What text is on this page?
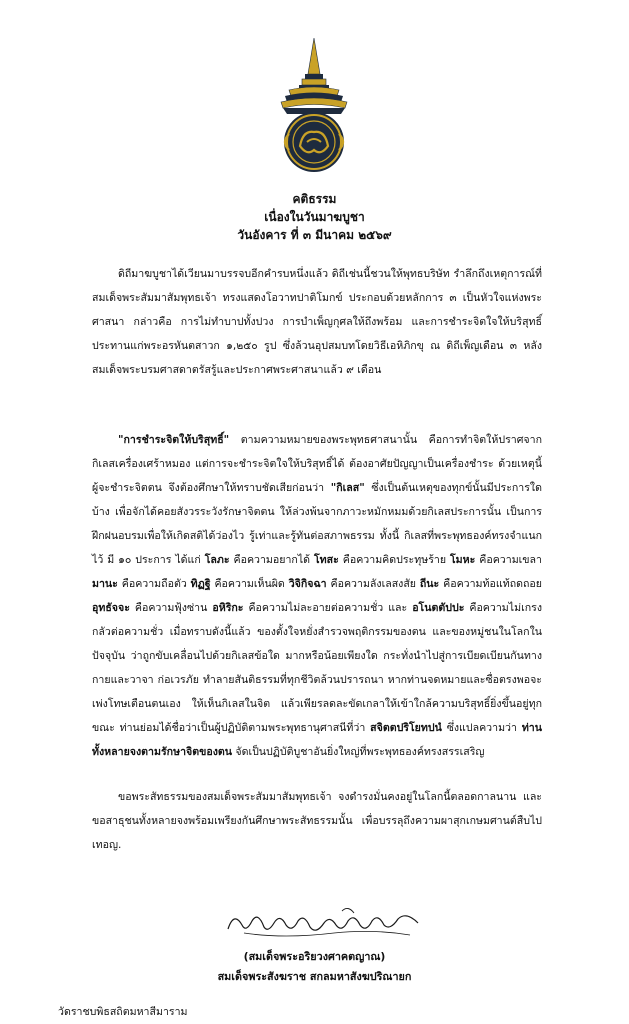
คติธรรม
เนื่องในวันมาฆบูชา
วันอังคาร ที่ ๓ มีนาคม ๒๕๖๙

ดิถีมาฆบูชาได้เวียนมาบรรจบอีกคำรบหนึ่งแล้ว ดิถีเช่นนี้ชวนให้พุทธบริษัท รำลึกถึงเหตุการณ์ที่สมเด็จพระสัมมาสัมพุทธเจ้า ทรงแสดงโอวาทปาติโมกข์ ประกอบด้วยหลักการ ๓ เป็นหัวใจแห่งพระศาสนา กล่าวคือ การไม่ทำบาปทั้งปวง การบำเพ็ญกุศลให้ถึงพร้อม และการชำระจิตใจให้บริสุทธิ์ ประทานแก่พระอรหันตสาวก ๑,๒๕๐ รูป ซึ่งล้วนอุปสมบทโดยวิธีเอหิภิกขุ ณ ดิถีเพ็ญเดือน ๓ หลังสมเด็จพระบรมศาสดาตรัสรู้และประกาศพระศาสนาแล้ว ๙ เดือน

"การชำระจิตให้บริสุทธิ์" ตามความหมายของพระพุทธศาสนานั้น คือการทำจิตให้ปราศจากกิเลสเครื่องเศร้าหมอง แต่การจะชำระจิตใจให้บริสุทธิ์ได้ ต้องอาศัยปัญญาเป็นเครื่องชำระ ด้วยเหตุนี้ ผู้จะชำระจิตตน จึงต้องศึกษาให้ทราบชัดเสียก่อนว่า "กิเลส" ซึ่งเป็นต้นเหตุของทุกข์นั้นมีประการใดบ้าง เพื่อจักได้คอยสังวรระวังรักษาจิตตน ให้ล่วงพ้นจากภาวะหมักหมมด้วยกิเลสประการนั้น เป็นการฝึกฝนอบรมเพื่อให้เกิดสติได้ว่องไว รู้เท่าและรู้ทันต่อสภาพธรรม ทั้งนี้ กิเลสที่พระพุทธองค์ทรงจำแนกไว้ มี ๑๐ ประการ ได้แก่ โลภะ คือความอยากได้ โทสะ คือความคิดประทุษร้าย โมหะ คือความเขลา มานะ คือความถือตัว ทิฏฐิ คือความเห็นผิด วิจิกิจฉา คือความลังเลสงสัย ถีนะ คือความท้อแท้ถดถอย อุทธัจจะ คือความฟุ้งซ่าน อหิริกะ คือความไม่ละอายต่อความชั่ว และ อโนตตัปปะ คือความไม่เกรงกลัวต่อความชั่ว เมื่อทราบดังนี้แล้ว ของตั้งใจหยั่งสำรวจพฤติกรรมของตน และของหมู่ชนในโลกในปัจจุบัน ว่าถูกขับเคลื่อนไปด้วยกิเลสข้อใด มากหรือน้อยเพียงใด กระทั่งนำไปสู่การเบียดเบียนกันทางกายและวาจา ก่อเวรภัย ทำลายสันติธรรมที่ทุกชีวิตล้วนปรารถนา หากท่านจดหมายและซื่อตรงพอจะเพ่งโทษเตือนตนเอง ให้เห็นกิเลสในจิต แล้วเพียรลดละขัดเกลาให้เข้าใกล้ความบริสุทธิ์ยิ่งขึ้นอยู่ทุกขณะ ท่านย่อมได้ชื่อว่าเป็นผู้ปฏิบัติตามพระพุทธานุศาสนีที่ว่า สจิตตปริโยทปนํ ซึ่งแปลความว่า ท่านทั้งหลายจงตามรักษาจิตของตน จัดเป็นปฏิบัติบูชาอันยิ่งใหญ่ที่พระพุทธองค์ทรงสรรเสริญ

ขอพระสัทธรรมของสมเด็จพระสัมมาสัมพุทธเจ้า จงดำรงมั่นคงอยู่ในโลกนี้ตลอดกาลนาน และขอสาธุชนทั้งหลายจงพร้อมเพรียงกันศึกษาพระสัทธรรมนั้น เพื่อบรรลุถึงความผาสุกเกษมศานต์สืบไป เทอญ.

(สมเด็จพระอริยวงศาคตญาณ)
สมเด็จพระสังฆราช สกลมหาสังฆปริณายก
วัดราชบพิธสถิตมหาสีมาราม
